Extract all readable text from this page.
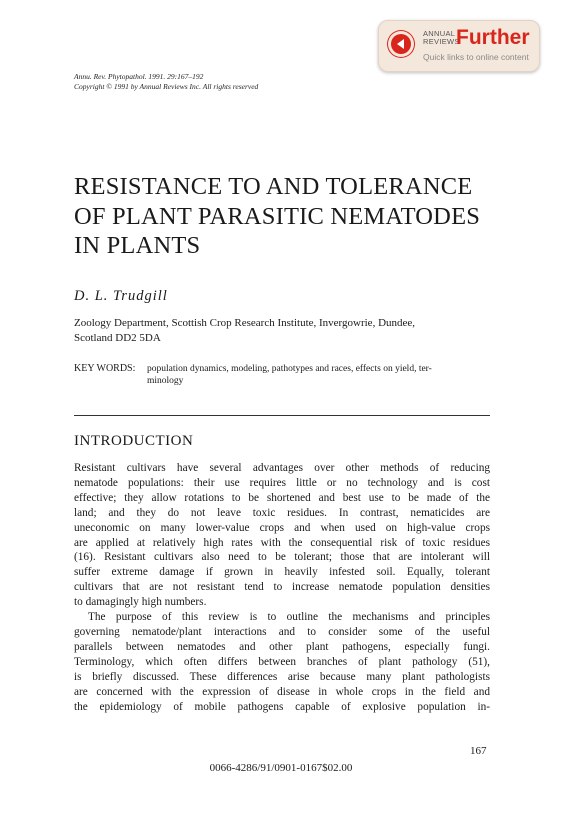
ANNUAL
REVIEWS
Further
Quick links to online content
Annu. Rev. Phytopathol. 1991. 29:167–192
Copyright © 1991 by Annual Reviews Inc. All rights reserved
RESISTANCE TO AND TOLERANCE
OF PLANT PARASITIC NEMATODES
IN PLANTS
D. L. Trudgill
Zoology Department, Scottish Crop Research Institute, Invergowrie, Dundee,
Scotland DD2 5DA
KEY WORDS: population dynamics, modeling, pathotypes and races, effects on yield, ter-
minology
INTRODUCTION
Resistant cultivars have several advantages over other methods of reducing
nematode populations: their use requires little or no technology and is cost
effective; they allow rotations to be shortened and best use to be made of the
land; and they do not leave toxic residues. In contrast, nematicides are
uneconomic on many lower-value crops and when used on high-value crops
are applied at relatively high rates with the consequential risk of toxic residues
(16). Resistant cultivars also need to be tolerant; those that are intolerant will
suffer extreme damage if grown in heavily infested soil. Equally, tolerant
cultivars that are not resistant tend to increase nematode population densities
to damagingly high numbers.
The purpose of this review is to outline the mechanisms and principles
governing nematode/plant interactions and to consider some of the useful
parallels between nematodes and other plant pathogens, especially fungi.
Terminology, which often differs between branches of plant pathology (51),
is briefly discussed. These differences arise because many plant pathologists
are concerned with the expression of disease in whole crops in the field and
the epidemiology of mobile pathogens capable of explosive population in-
167
0066-4286/91/0901-0167$02.00
